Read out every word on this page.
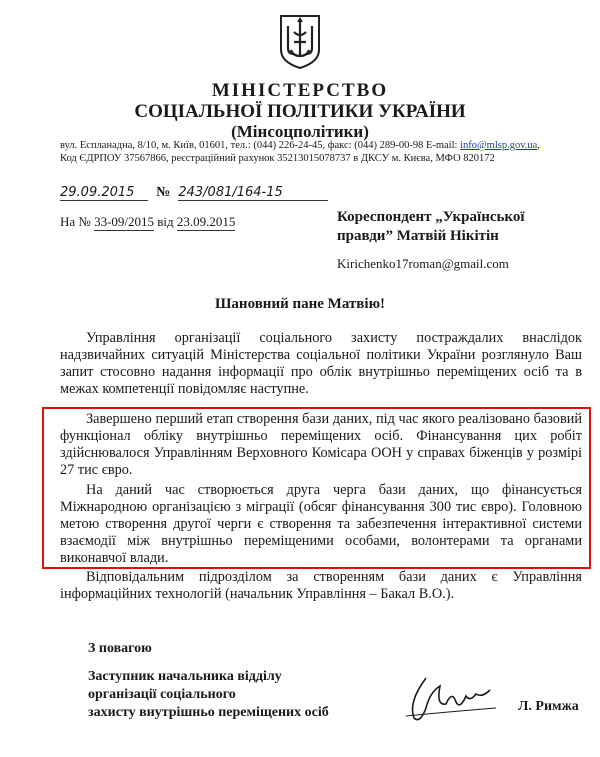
МІНІСТЕРСТВО
СОЦІАЛЬНОЇ ПОЛІТИКИ УКРАЇНИ
(Мінсоцполітики)
вул. Еспланадна, 8/10, м. Київ, 01601, тел.: (044) 226-24-45, факс: (044) 289-00-98 E-mail: info@mlsp.gov.ua,
Код ЄДРПОУ 37567866, реєстраційний рахунок 35213015078737 в ДКСУ м. Києва, МФО 820172
29.09.2015 № 243/081/164-15
На № 33-09/2015 від 23.09.2015	Кореспондент „Української
правди” Матвій Нікітін
Kirichenko17roman@gmail.com
Шановний пане Матвію!
Управління організації соціального захисту постраждалих внаслідок надзвичайних ситуацій Міністерства соціальної політики України розглянуло Ваш запит стосовно надання інформації про облік внутрішньо переміщених осіб та в межах компетенції повідомляє наступне.
Завершено перший етап створення бази даних, під час якого реалізовано базовий функціонал обліку внутрішньо переміщених осіб. Фінансування цих робіт здійснювалося Управлінням Верховного Комісара ООН у справах біженців у розмірі 27 тис євро.
На даний час створюється друга черга бази даних, що фінансується Міжнародною організацією з міграції (обсяг фінансування 300 тис євро). Головною метою створення другої черги є створення та забезпечення інтерактивної системи взаємодії між внутрішньо переміщеними особами, волонтерами та органами виконавчої влади.
Відповідальним підрозділом за створенням бази даних є Управління інформаційних технологій (начальник Управління – Бакал В.О.).
З повагою
Заступник начальника відділу
організації соціального
захисту внутрішньо переміщених осіб	Л. Римжа
